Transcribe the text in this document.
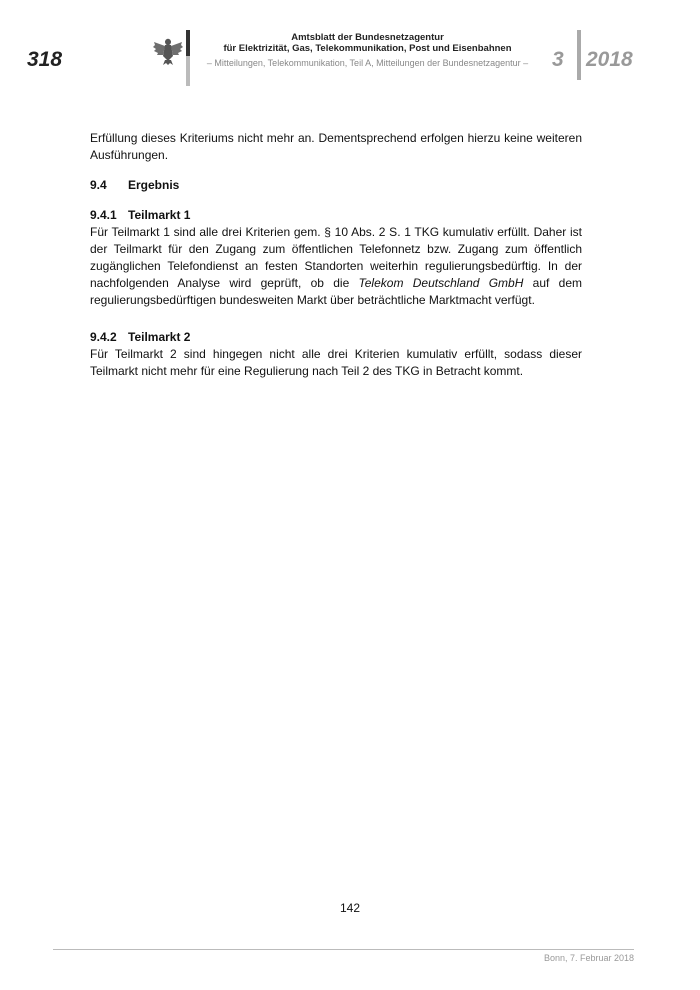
318
Amtsblatt der Bundesnetzagentur
für Elektrizität, Gas, Telekommunikation, Post und Eisenbahnen
– Mitteilungen, Telekommunikation, Teil A, Mitteilungen der Bundesnetzagentur –	3 2018

Erfüllung dieses Kriteriums nicht mehr an. Dementsprechend erfolgen hierzu keine weiteren Ausführungen.

9.4 Ergebnis
9.4.1 Teilmarkt 1

Für Teilmarkt 1 sind alle drei Kriterien gem. § 10 Abs. 2 S. 1 TKG kumulativ erfüllt. Daher ist der Teilmarkt für den Zugang zum öffentlichen Telefonnetz bzw. Zugang zum öffentlich zugänglichen Telefondienst an festen Standorten weiterhin regulierungsbedürftig. In der nachfolgenden Analyse wird geprüft, ob die Telekom Deutschland GmbH auf dem regulierungsbedürftigen bundesweiten Markt über beträchtliche Marktmacht verfügt.

9.4.2 Teilmarkt 2

Für Teilmarkt 2 sind hingegen nicht alle drei Kriterien kumulativ erfüllt, sodass dieser Teilmarkt nicht mehr für eine Regulierung nach Teil 2 des TKG in Betracht kommt.

142
Bonn, 7. Februar 2018
